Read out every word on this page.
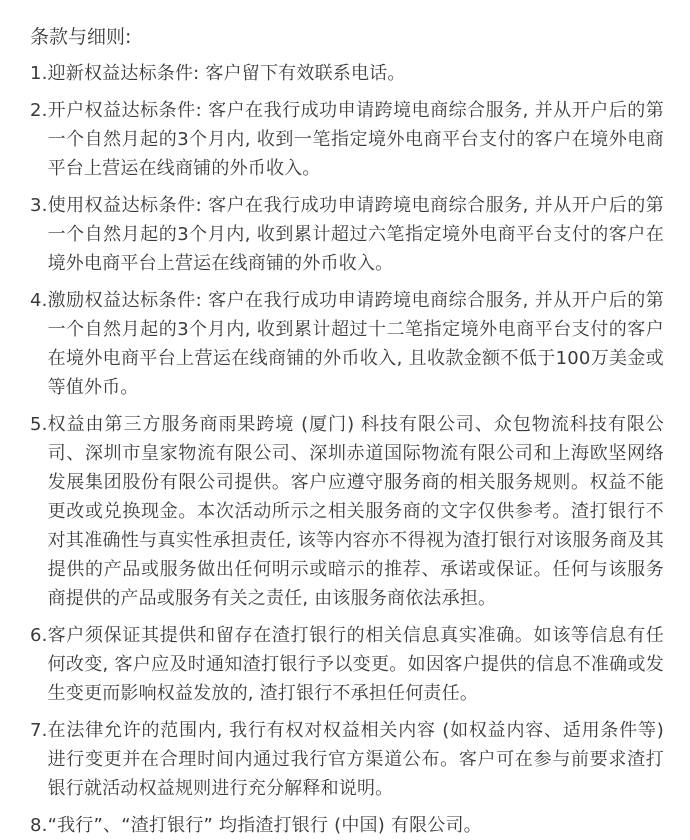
条款与细则:
1. 迎新权益达标条件: 客户留下有效联系电话。
2. 开户权益达标条件: 客户在我行成功申请跨境电商综合服务, 并从开户后的第一个自然月起的3个月内, 收到一笔指定境外电商平台支付的客户在境外电商平台上营运在线商铺的外币收入。
3. 使用权益达标条件: 客户在我行成功申请跨境电商综合服务, 并从开户后的第一个自然月起的3个月内, 收到累计超过六笔指定境外电商平台支付的客户在境外电商平台上营运在线商铺的外币收入。
4. 激励权益达标条件: 客户在我行成功申请跨境电商综合服务, 并从开户后的第一个自然月起的3个月内, 收到累计超过十二笔指定境外电商平台支付的客户在境外电商平台上营运在线商铺的外币收入, 且收款金额不低于100万美金或等值外币。
5. 权益由第三方服务商雨果跨境 (厦门) 科技有限公司、众包物流科技有限公司、深圳市皇家物流有限公司、深圳赤道国际物流有限公司和上海欧坚网络发展集团股份有限公司提供。客户应遵守服务商的相关服务规则。权益不能更改或兑换现金。本次活动所示之相关服务商的文字仅供参考。渣打银行不对其准确性与真实性承担责任, 该等内容亦不得视为渣打银行对该服务商及其提供的产品或服务做出任何明示或暗示的推荐、承诺或保证。任何与该服务商提供的产品或服务有关之责任, 由该服务商依法承担。
6. 客户须保证其提供和留存在渣打银行的相关信息真实准确。如该等信息有任何改变, 客户应及时通知渣打银行予以变更。如因客户提供的信息不准确或发生变更而影响权益发放的, 渣打银行不承担任何责任。
7. 在法律允许的范围内, 我行有权对权益相关内容 (如权益内容、适用条件等) 进行变更并在合理时间内通过我行官方渠道公布。客户可在参与前要求渣打银行就活动权益规则进行充分解释和说明。
8. “我行”、“渣打银行” 均指渣打银行 (中国) 有限公司。
